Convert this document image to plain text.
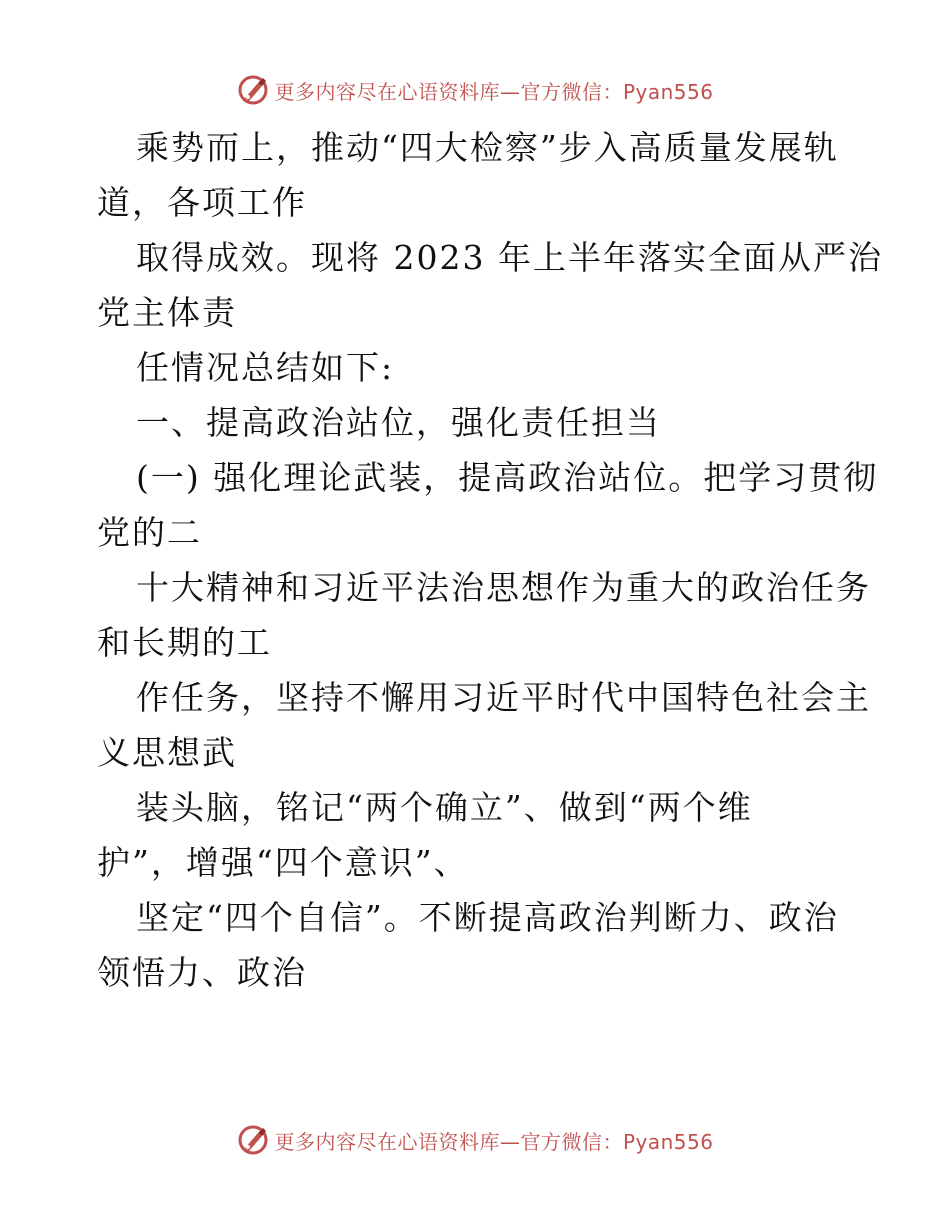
更多内容尽在心语资料库—官方微信：Pyan556
乘势而上，推动“四大检察”步入高质量发展轨
道，各项工作
取得成效。现将 2023 年上半年落实全面从严治
党主体责
任情况总结如下:
一、提高政治站位，强化责任担当
(一) 强化理论武装，提高政治站位。把学习贯彻
党的二
十大精神和习近平法治思想作为重大的政治任务
和长期的工
作任务，坚持不懈用习近平时代中国特色社会主
义思想武
装头脑，铭记“两个确立”、做到“两个维
护”，增强“四个意识”、
坚定“四个自信”。不断提高政治判断力、政治
领悟力、政治
更多内容尽在心语资料库—官方微信：Pyan556
